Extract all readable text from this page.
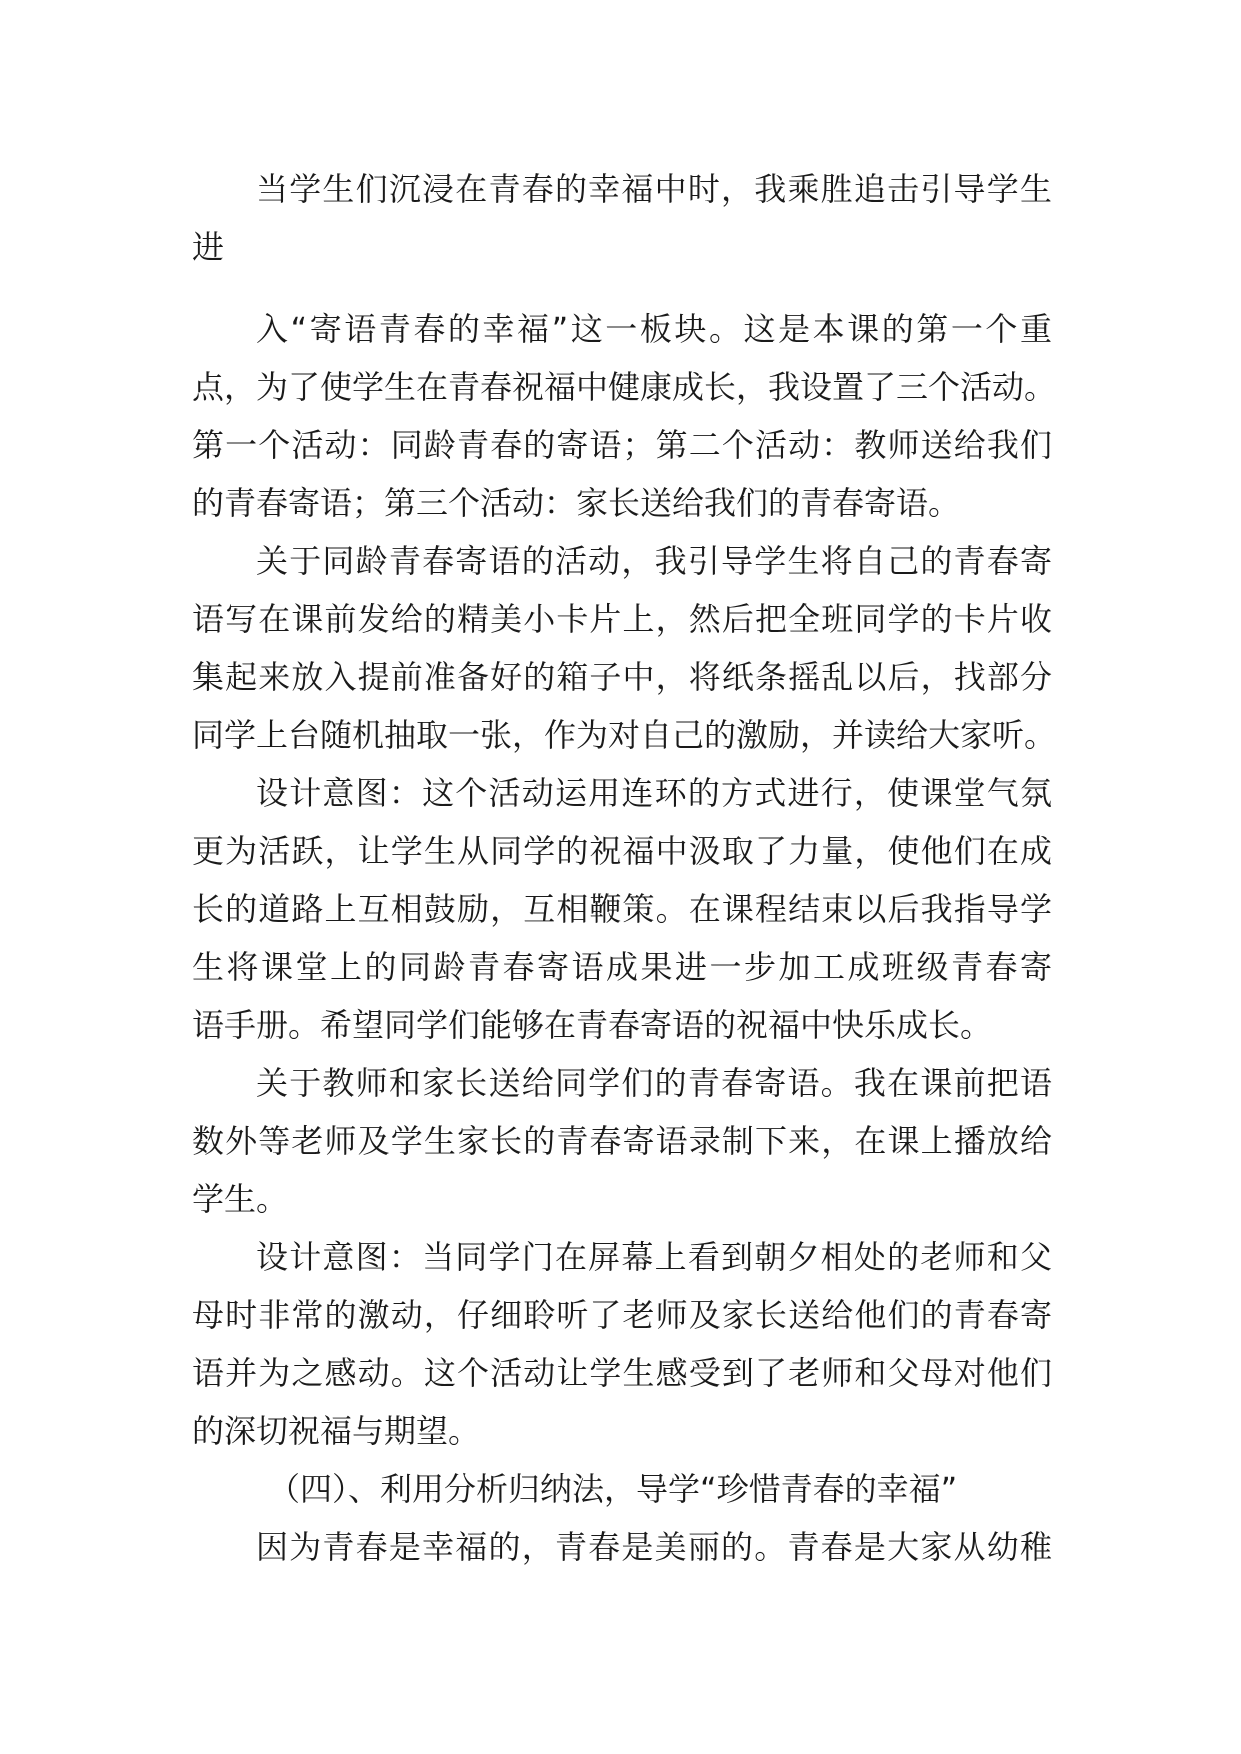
当学生们沉浸在青春的幸福中时，我乘胜追击引导学生
进
入“寄语青春的幸福”这一板块。这是本课的第一个重
点，为了使学生在青春祝福中健康成长，我设置了三个活动。
第一个活动：同龄青春的寄语；第二个活动：教师送给我们
的青春寄语；第三个活动：家长送给我们的青春寄语。
关于同龄青春寄语的活动，我引导学生将自己的青春寄
语写在课前发给的精美小卡片上，然后把全班同学的卡片收
集起来放入提前准备好的箱子中，将纸条摇乱以后，找部分
同学上台随机抽取一张，作为对自己的激励，并读给大家听。
设计意图：这个活动运用连环的方式进行，使课堂气氛
更为活跃，让学生从同学的祝福中汲取了力量，使他们在成
长的道路上互相鼓励，互相鞭策。在课程结束以后我指导学
生将课堂上的同龄青春寄语成果进一步加工成班级青春寄
语手册。希望同学们能够在青春寄语的祝福中快乐成长。
关于教师和家长送给同学们的青春寄语。我在课前把语
数外等老师及学生家长的青春寄语录制下来，在课上播放给
学生。
设计意图：当同学门在屏幕上看到朝夕相处的老师和父
母时非常的激动，仔细聆听了老师及家长送给他们的青春寄
语并为之感动。这个活动让学生感受到了老师和父母对他们
的深切祝福与期望。
（四）、利用分析归纳法，导学“珍惜青春的幸福”
因为青春是幸福的，青春是美丽的。青春是大家从幼稚
